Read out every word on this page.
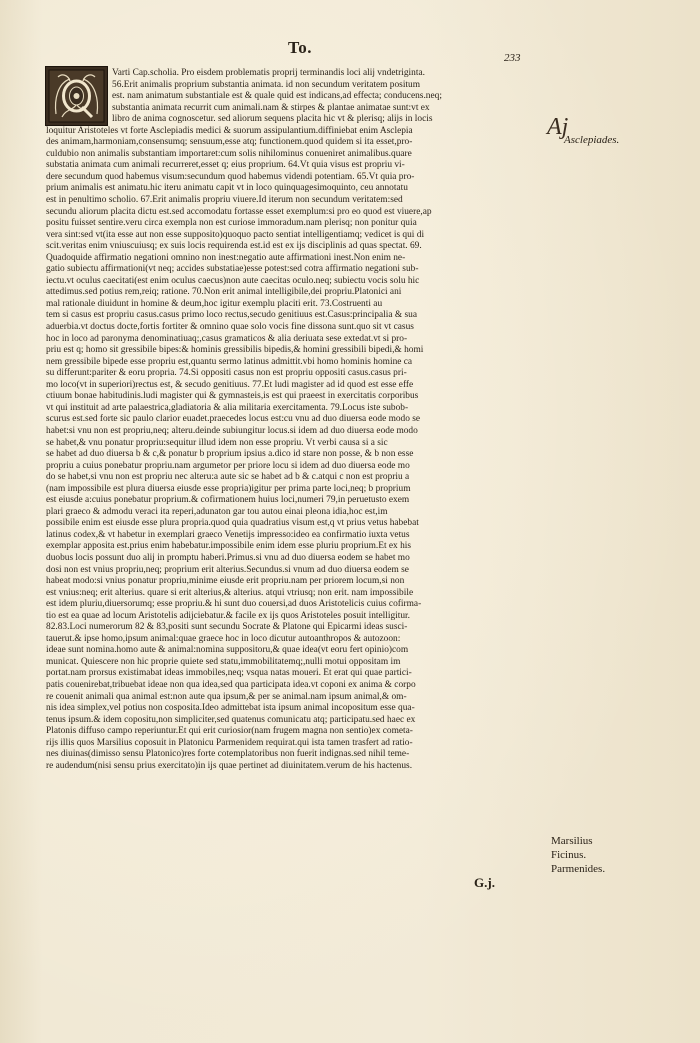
To.
233
Varti Cap.scholia. Pro eisdem problematis proprij terminandis loci alij vndetriginta.
56.Erit animalis proprium substantia animata. id non secundum veritatem positum
est. nam animatum substantiale est & quale quid est indicans,ad effecta; conducens.neq;
substantia animata recurrit cum animali.nam & stirpes & plantae animatae sunt:vt ex
libro de anima cognoscetur. sed aliorum sequens placita hic vt & plerisq; alijs in locis
loquitur Aristoteles vt forte Asclepiadis medici & suorum assipulantium.diffiniebat enim Asclepia
des animam,harmoniam,consensumq; sensuum,esse atq; functionem.quod quidem si ita esset,pro-
culdubio non animalis substantiam importaret:cum solis nihilominus conueniret animalibus.quare
substatia animata cum animali recurreret,esset q; eius proprium. 64.Vt quia visus est propriu vi-
dere secundum quod habemus visum:secundum quod habemus videndi potentiam. 65.Vt quia pro-
prium animalis est animatu.hic iteru animatu capit vt in loco quinquagesimoquinto, ceu annotatu
est in penultimo scholio. 67.Erit animalis propriu viuere.Id iterum non secundum veritatem:sed
secundu aliorum placita dictu est.sed accomodatu fortasse esset exemplum:si pro eo quod est viuere,ap
positu fuisset sentire.veru circa exempla non est curiose immoradum.nam plerisq; non ponitur quia
vera sint:sed vt(ita esse aut non esse supposito)quoquo pacto sentiat intelligentiamq; vedicet is qui di
scit.veritas enim vniuscuiusq; ex suis locis requirenda est.id est ex ijs disciplinis ad quas spectat. 69.
Quadoquide affirmatio negationi omnino non inest:negatio aute affirmationi inest.Non enim ne-
gatio subiectu affirmationi(vt neq; accides substatiae)esse potest:sed cotra affirmatio negationi sub-
iectu.vt oculus caecitati(est enim oculus caecus)non aute caecitas oculo.neq; subiectu vocis solu hic
attedimus.sed potius rem,reiq; ratione. 70.Non erit animal intelligibile,dei propriu.Platonici ani
mal rationale diuidunt in homine & deum,hoc igitur exemplu placiti erit. 73.Costruenti au
tem si casus est propriu casus.casus primo loco rectus,secudo genitiuus est.Casus:principalia & sua
aduerbia.vt doctus docte,fortis fortiter & omnino quae solo vocis fine dissona sunt.quo sit vt casus
hoc in loco ad paronyma denominatiuaq;,casus gramaticos & alia deriuata sese extedat.vt si pro-
priu est q; homo sit gressibile bipes:& hominis gressibilis bipedis,& homini gressibili bipedi,& homi
nem gressibile bipede esse propriu est,quantu sermo latinus admittit.vbi homo hominis homine ca
su differunt:pariter & eoru propria. 74.Si oppositi casus non est propriu oppositi casus.casus pri-
mo loco(vt in superiori)rectus est, & secudo genitiuus. 77.Et ludi magister ad id quod est esse effe
ctiuum bonae habitudinis.ludi magister qui & gymnasteis,is est qui praeest in exercitatis corporibus
vt qui instituit ad arte palaestrica,gladiatoria & alia militaria exercitamenta. 79.Locus iste subob-
scurus est.sed forte sic paulo clarior euadet.praecedes locus est:cu vnu ad duo diuersa eode modo se
habet:si vnu non est propriu,neq; alteru.deinde subiungitur locus.si idem ad duo diuersa eode modo
se habet,& vnu ponatur propriu:sequitur illud idem non esse propriu. Vt verbi causa si a sic
se habet ad duo diuersa b & c,& ponatur b proprium ipsius a.dico id stare non posse, & b non esse
propriu a cuius ponebatur propriu.nam argumetor per priore locu si idem ad duo diuersa eode mo
do se habet,si vnu non est propriu nec alteru:a aute sic se habet ad b & c.atqui c non est propriu a
(nam impossibile est plura diuersa eiusde esse propria)igitur per prima parte loci,neq; b proprium
est eiusde a:cuius ponebatur proprium.& cofirmationem huius loci,numeri 79,in peruetusto exem
plari graeco & admodu veraci ita reperi,adunaton gar tou autou einai pleona idia,hoc est,im
possibile enim est eiusde esse plura propria.quod quia quadratius visum est,q vt prius vetus habebat
latinus codex,& vt habetur in exemplari graeco Venetijs impresso:ideo ea confirmatio iuxta vetus
exemplar apposita est.prius enim habebatur.impossibile enim idem esse pluriu proprium.Et ex his
duobus locis possunt duo alij in promptu haberi.Primus.si vnu ad duo diuersa eodem se habet mo
dosi non est vnius propriu,neq; proprium erit alterius.Secundus.si vnum ad duo diuersa eodem se
habeat modo:si vnius ponatur propriu,minime eiusde erit propriu.nam per priorem locum,si non
est vnius:neq; erit alterius. quare si erit alterius,& alterius. atqui vtriusq; non erit. nam impossibile
est idem pluriu,diuersorumq; esse propriu.& hi sunt duo couersi,ad duos Aristotelicis cuius cofirma-
tio est ea quae ad locum Aristotelis adijciebatur.& facile ex ijs quos Aristoteles posuit intelligitur.
82.83.Loci numerorum 82 & 83,positi sunt secundu Socrate & Platone qui Epicarmi ideas susci-
tauerut.& ipse homo,ipsum animal:quae graece hoc in loco dicutur autoanthropos & autozoon:
ideae sunt nomina.homo aute & animal:nomina suppositoru,& quae idea(vt eoru fert opinio)com
municat. Quiescere non hic proprie quiete sed statu,immobilitatemq;,nulli motui oppositam im
portat.nam prorsus existimabat ideas immobiles,neq; vsqua natas moueri. Et erat qui quae partici-
patis couenirebat,tribuebat ideae non qua idea,sed qua participata idea.vt coponi ex anima & corpo
re couenit animali qua animal est:non aute qua ipsum,& per se animal.nam ipsum animal,& om-
nis idea simplex,vel potius non cosposita.Ideo admittebat ista ipsum animal incopositum esse qua-
tenus ipsum.& idem copositu,non simpliciter,sed quatenus comunicatu atq; participatu.sed haec ex
Platonis diffuso campo reperiuntur.Et qui erit curiosior(nam frugem magna non sentio)ex cometa-
rijs illis quos Marsilius coposuit in Platonicu Parmenidem requirat.qui ista tamen trasfert ad ratio-
nes diuinas(dimisso sensu Platonico)res forte cotemplatoribus non fuerit indignas.sed nihil teme-
re audendum(nisi sensu prius exercitato)in ijs quae pertinet ad diuinitatem.verum de his hactenus.
Aj
Asclepiades.
Marsilius
Ficinus.
Parmenides.
G.j.
